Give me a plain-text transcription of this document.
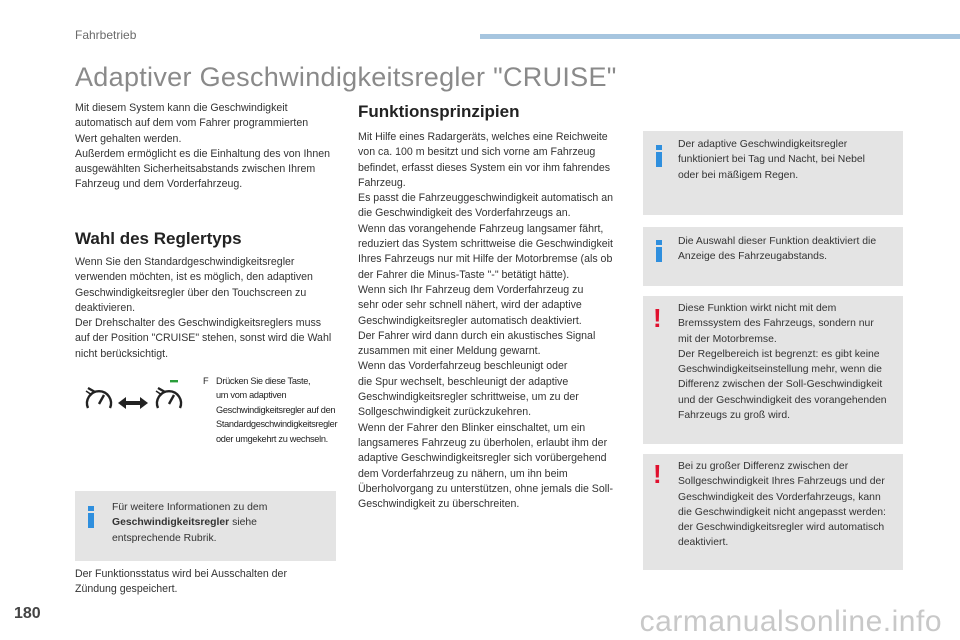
Fahrbetrieb
Adaptiver Geschwindigkeitsregler "CRUISE"

Mit diesem System kann die Geschwindigkeit

automatisch auf dem vom Fahrer programmierten

Wert gehalten werden.

Außerdem ermöglicht es die Einhaltung des von Ihnen

ausgewählten Sicherheitsabstands zwischen Ihrem

Fahrzeug und dem Vorderfahrzeug.

Wahl des Reglertyps

Wenn Sie den Standardgeschwindigkeitsregler

verwenden möchten, ist es möglich, den adaptiven

Geschwindigkeitsregler über den Touchscreen zu

deaktivieren.

Der Drehschalter des Geschwindigkeitsreglers muss

auf der Position "CRUISE" stehen, sonst wird die Wahl

nicht berücksichtigt.

F Drücken Sie diese Taste,
um vom adaptiven
Geschwindigkeitsregler auf den
Standardgeschwindigkeitsregler
oder umgekehrt zu wechseln.
Für weitere Informationen zu dem
Geschwindigkeitsregler siehe
entsprechende Rubrik.

Der Funktionsstatus wird bei Ausschalten der

Zündung gespeichert.

Funktionsprinzipien

Mit Hilfe eines Radargeräts, welches eine Reichweite

von ca. 100 m besitzt und sich vorne am Fahrzeug

befindet, erfasst dieses System ein vor ihm fahrendes

Fahrzeug.

Es passt die Fahrzeuggeschwindigkeit automatisch an

die Geschwindigkeit des Vorderfahrzeugs an.

Wenn das vorangehende Fahrzeug langsamer fährt,

reduziert das System schrittweise die Geschwindigkeit

Ihres Fahrzeugs nur mit Hilfe der Motorbremse (als ob

der Fahrer die Minus-Taste "-" betätigt hätte).

Wenn sich Ihr Fahrzeug dem Vorderfahrzeug zu

sehr oder sehr schnell nähert, wird der adaptive

Geschwindigkeitsregler automatisch deaktiviert.

Der Fahrer wird dann durch ein akustisches Signal

zusammen mit einer Meldung gewarnt.

Wenn das Vorderfahrzeug beschleunigt oder

die Spur wechselt, beschleunigt der adaptive

Geschwindigkeitsregler schrittweise, um zu der

Sollgeschwindigkeit zurückzukehren.

Wenn der Fahrer den Blinker einschaltet, um ein

langsameres Fahrzeug zu überholen, erlaubt ihm der

adaptive Geschwindigkeitsregler sich vorübergehend

dem Vorderfahrzeug zu nähern, um ihn beim

Überholvorgang zu unterstützen, ohne jemals die Soll-

Geschwindigkeit zu überschreiten.

Der adaptive Geschwindigkeitsregler
funktioniert bei Tag und Nacht, bei Nebel
oder bei mäßigem Regen.
Die Auswahl dieser Funktion deaktiviert die
Anzeige des Fahrzeugabstands.
! Diese Funktion wirkt nicht mit dem
Bremssystem des Fahrzeugs, sondern nur
mit der Motorbremse.
Der Regelbereich ist begrenzt: es gibt keine
Geschwindigkeitseinstellung mehr, wenn die
Differenz zwischen der Soll-Geschwindigkeit
und der Geschwindigkeit des vorangehenden
Fahrzeugs zu groß wird.
! Bei zu großer Differenz zwischen der
Sollgeschwindigkeit Ihres Fahrzeugs und der
Geschwindigkeit des Vorderfahrzeugs, kann
die Geschwindigkeit nicht angepasst werden:
der Geschwindigkeitsregler wird automatisch
deaktiviert.
180	carmanualsonline.info
